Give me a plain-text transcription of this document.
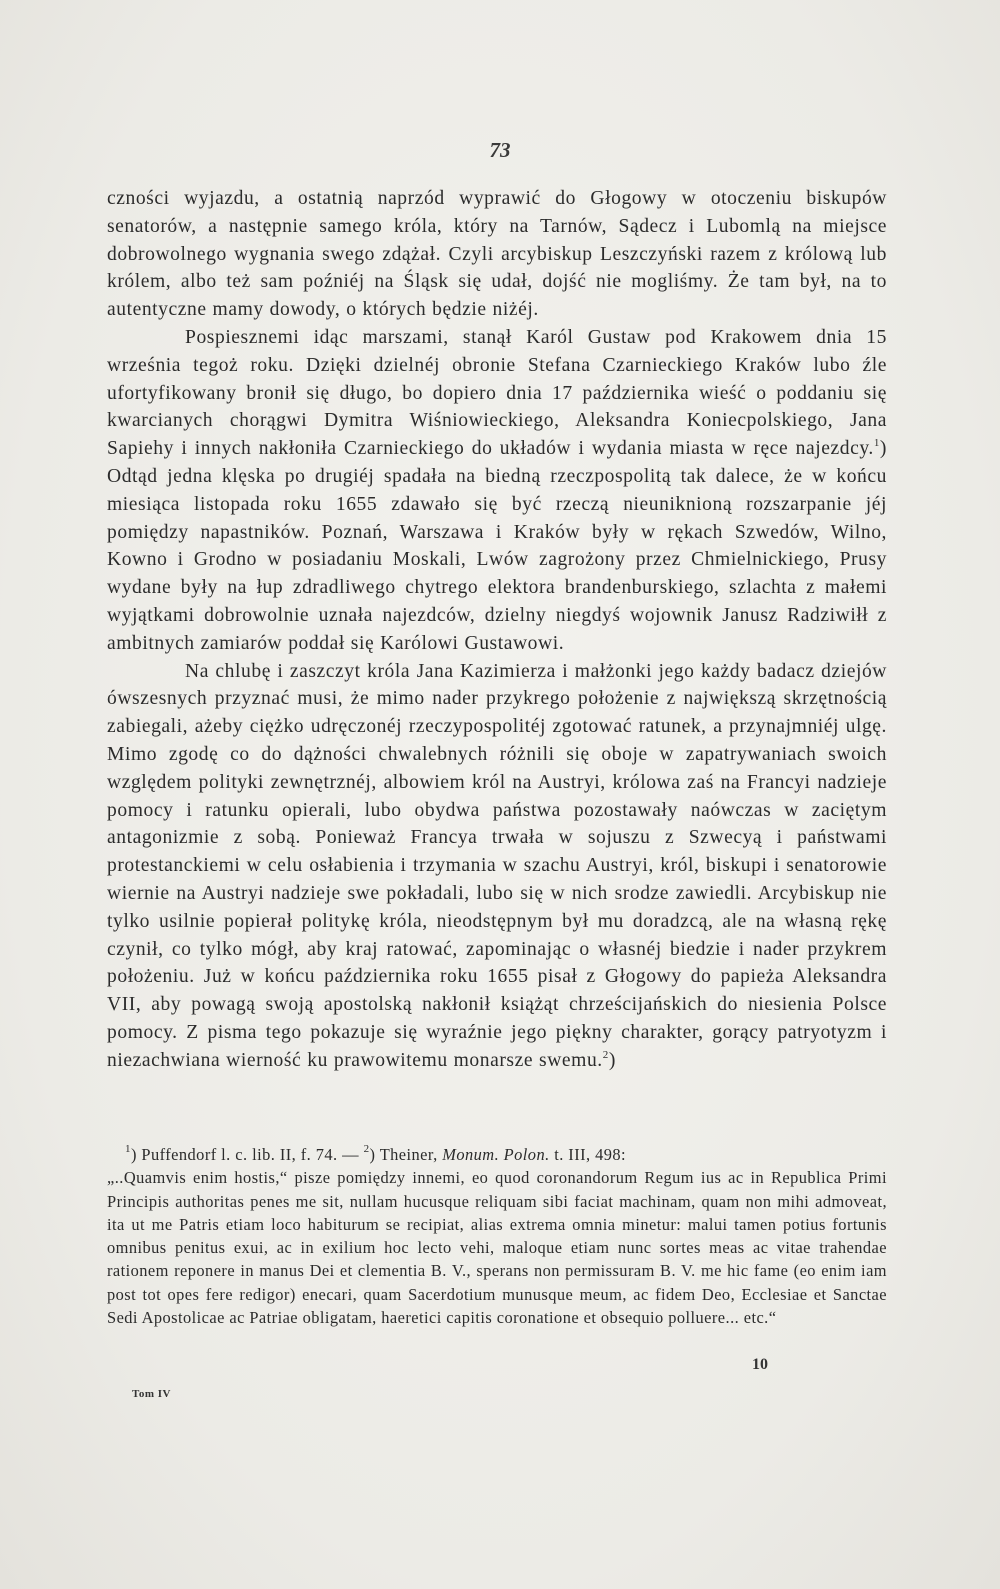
73

czności wyjazdu, a ostatnią naprzód wyprawić do Głogowy w otoczeniu biskupów senatorów, a następnie samego króla, który na Tarnów, Sądecz i Lubomlą na miejsce dobrowolnego wygnania swego zdążał. Czyli arcybiskup Leszczyński razem z królową lub królem, albo też sam poźniéj na Śląsk się udał, dojść nie mogliśmy. Że tam był, na to autentyczne mamy dowody, o których będzie niżéj.

Pospiesznemi idąc marszami, stanął Karól Gustaw pod Krakowem dnia 15 września tegoż roku. Dzięki dzielnéj obronie Stefana Czarnieckiego Kraków lubo źle ufortyfikowany bronił się długo, bo dopiero dnia 17 października wieść o poddaniu się kwarcianych chorągwi Dymitra Wiśniowieckiego, Aleksandra Koniecpolskiego, Jana Sapiehy i innych nakłoniła Czarnieckiego do układów i wydania miasta w ręce najezdcy.$^1$) Odtąd jedna klęska po drugiéj spadała na biedną rzeczpospolitą tak dalece, że w końcu miesiąca listopada roku 1655 zdawało się być rzeczą nieuniknioną rozszarpanie jéj pomiędzy napastników. Poznań, Warszawa i Kraków były w rękach Szwedów, Wilno, Kowno i Grodno w posiadaniu Moskali, Lwów zagrożony przez Chmielnickiego, Prusy wydane były na łup zdradliwego chytrego elektora brandenburskiego, szlachta z małemi wyjątkami dobrowolnie uznała najezdców, dzielny niegdyś wojownik Janusz Radziwiłł z ambitnych zamiarów poddał się Karólowi Gustawowi.

Na chlubę i zaszczyt króla Jana Kazimierza i małżonki jego każdy badacz dziejów ówszesnych przyznać musi, że mimo nader przykrego położenie z największą skrzętnością zabiegali, ażeby ciężko udręczonéj rzeczypospolitéj zgotować ratunek, a przynajmniéj ulgę. Mimo zgodę co do dążności chwalebnych różnili się oboje w zapatrywaniach swoich względem polityki zewnętrznéj, albowiem król na Austryi, królowa zaś na Francyi nadzieje pomocy i ratunku opierali, lubo obydwa państwa pozostawały naówczas w zaciętym antagonizmie z sobą. Ponieważ Francya trwała w sojuszu z Szwecyą i państwami protestanckiemi w celu osłabienia i trzymania w szachu Austryi, król, biskupi i senatorowie wiernie na Austryi nadzieje swe pokładali, lubo się w nich srodze zawiedli. Arcybiskup nie tylko usilnie popierał politykę króla, nieodstępnym był mu doradzcą, ale na własną rękę czynił, co tylko mógł, aby kraj ratować, zapominając o własnéj biedzie i nader przykrem położeniu. Już w końcu października roku 1655 pisał z Głogowy do papieża Aleksandra VII, aby powagą swoją apostolską nakłonił książąt chrześcijańskich do niesienia Polsce pomocy. Z pisma tego pokazuje się wyraźnie jego piękny charakter, gorący patryotyzm i niezachwiana wierność ku prawowitemu monarsze swemu.$^2$)

$^1$) Puffendorf l. c. lib. II, f. 74. — $^2$) Theiner, Monum. Polon. t. III, 498:

„..Quamvis enim hostis,“ pisze pomiędzy innemi, eo quod coronandorum Regum ius ac in Republica Primi Principis authoritas penes me sit, nullam hucusque reliquam sibi faciat machinam, quam non mihi admoveat, ita ut me Patris etiam loco habiturum se recipiat, alias extrema omnia minetur: malui tamen potius fortunis omnibus penitus exui, ac in exilium hoc lecto vehi, maloque etiam nunc sortes meas ac vitae trahendae rationem reponere in manus Dei et clementia B. V., sperans non permissuram B. V. me hic fame (eo enim iam post tot opes fere redigor) enecari, quam Sacerdotium munusque meum, ac fidem Deo, Ecclesiae et Sanctae Sedi Apostolicae ac Patriae obligatam, haeretici capitis coronatione et obsequio polluere... etc.“

Tom IV
10
